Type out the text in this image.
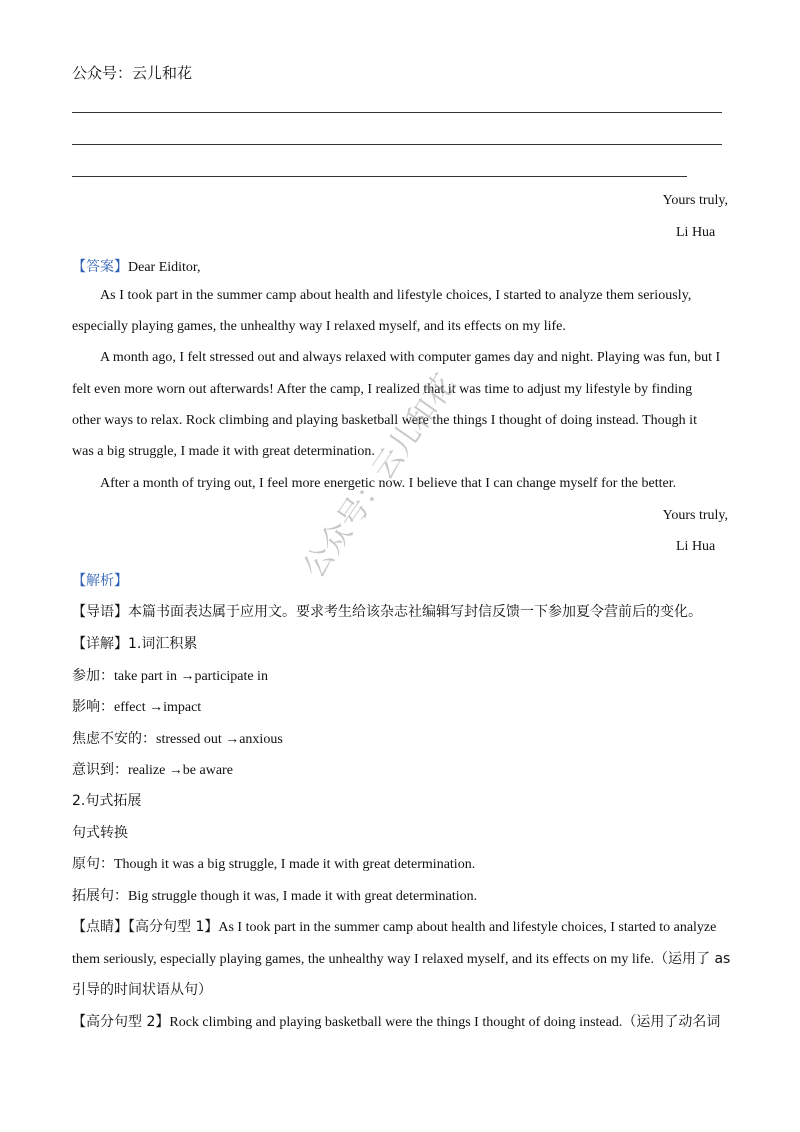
公众号：云儿和花
Yours truly,
Li Hua
【答案】Dear Eiditor,
As I took part in the summer camp about health and lifestyle choices, I started to analyze them seriously,
especially playing games, the unhealthy way I relaxed myself, and its effects on my life.
A month ago, I felt stressed out and always relaxed with computer games day and night. Playing was fun, but I
felt even more worn out afterwards! After the camp, I realized that it was time to adjust my lifestyle by finding
other ways to relax. Rock climbing and playing basketball were the things I thought of doing instead. Though it
was a big struggle, I made it with great determination.
After a month of trying out, I feel more energetic now. I believe that I can change myself for the better.
Yours truly,
Li Hua
【解析】
【导语】本篇书面表达属于应用文。要求考生给该杂志社编辑写封信反馈一下参加夏令营前后的变化。
【详解】1.词汇积累
参加：take part in →participate in
影响：effect →impact
焦虑不安的：stressed out →anxious
意识到：realize →be aware
2.句式拓展
句式转换
原句：Though it was a big struggle, I made it with great determination.
拓展句：Big struggle though it was, I made it with great determination.
【点睛】【高分句型 1】As I took part in the summer camp about health and lifestyle choices, I started to analyze
them seriously, especially playing games, the unhealthy way I relaxed myself, and its effects on my life.（运用了 as
引导的时间状语从句）
【高分句型 2】Rock climbing and playing basketball were the things I thought of doing instead.（运用了动名词
公众号：云儿和花
